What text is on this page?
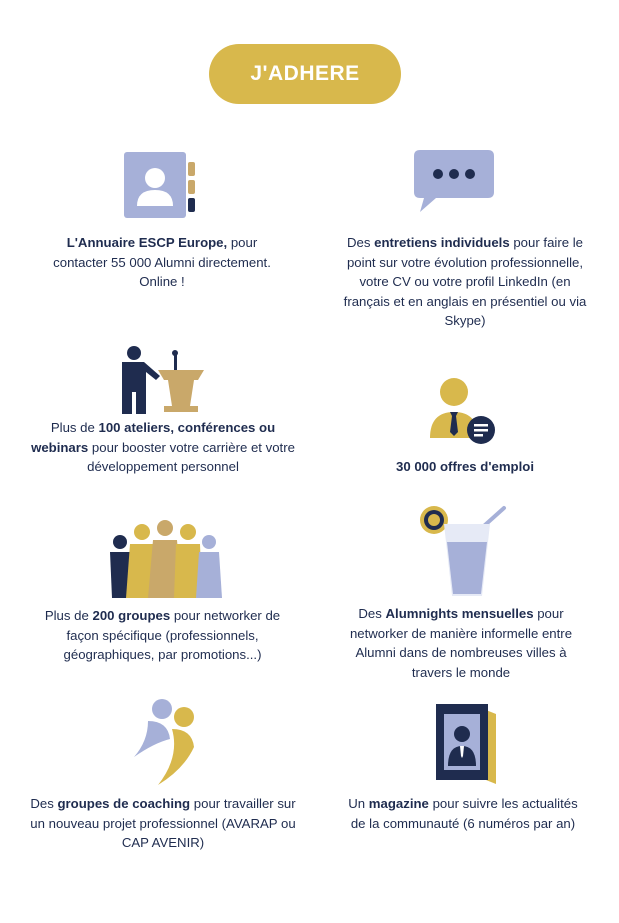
J'ADHERE
L'Annuaire ESCP Europe, pour contacter 55 000 Alumni directement. Online !
Des entretiens individuels pour faire le point sur votre évolution professionnelle, votre CV ou votre profil LinkedIn (en français et en anglais en présentiel ou via Skype)
Plus de 100 ateliers, conférences ou webinars pour booster votre carrière et votre développement personnel	30 000 offres d'emploi
Plus de 200 groupes pour networker de façon spécifique (professionnels, géographiques, par promotions...)
Des Alumnights mensuelles pour networker de manière informelle entre Alumni dans de nombreuses villes à travers le monde
Des groupes de coaching pour travailler sur un nouveau projet professionnel (AVARAP ou CAP AVENIR)
Un magazine pour suivre les actualités de la communauté (6 numéros par an)
